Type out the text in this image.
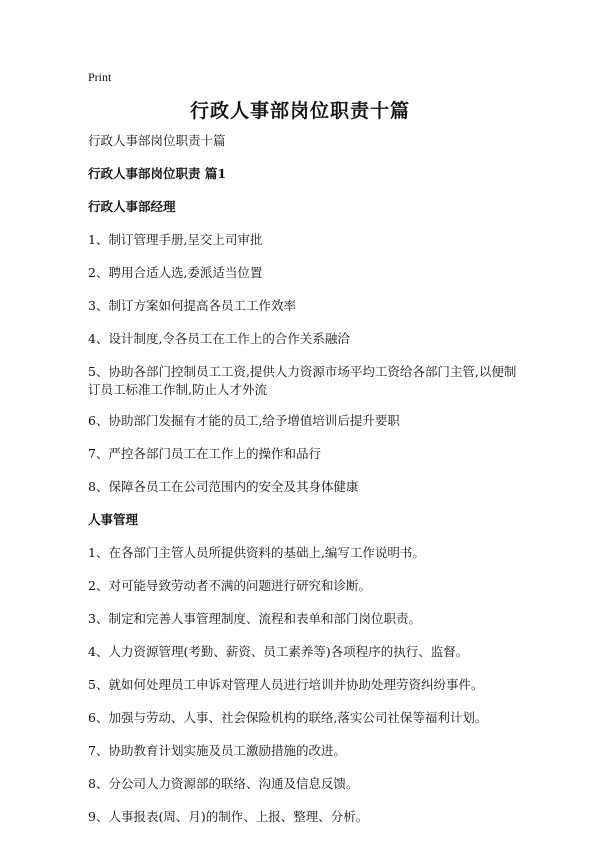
Print
行政人事部岗位职责十篇
行政人事部岗位职责十篇
行政人事部岗位职责 篇1
行政人事部经理
1、制订管理手册,呈交上司审批
2、聘用合适人选,委派适当位置
3、制订方案如何提高各员工工作效率
4、设计制度,令各员工在工作上的合作关系融洽
5、协助各部门控制员工工资,提供人力资源市场平均工资给各部门主管,以便制订员工标准工作制,防止人才外流
6、协助部门发掘有才能的员工,给予增值培训后提升要职
7、严控各部门员工在工作上的操作和品行
8、保障各员工在公司范围内的安全及其身体健康
人事管理
1、在各部门主管人员所提供资料的基础上,编写工作说明书。
2、对可能导致劳动者不满的问题进行研究和诊断。
3、制定和完善人事管理制度、流程和表单和部门岗位职责。
4、人力资源管理(考勤、薪资、员工素养等)各项程序的执行、监督。
5、就如何处理员工申诉对管理人员进行培训并协助处理劳资纠纷事件。
6、加强与劳动、人事、社会保险机构的联络,落实公司社保等福利计划。
7、协助教育计划实施及员工激励措施的改进。
8、分公司人力资源部的联络、沟通及信息反馈。
9、人事报表(周、月)的制作、上报、整理、分析。
